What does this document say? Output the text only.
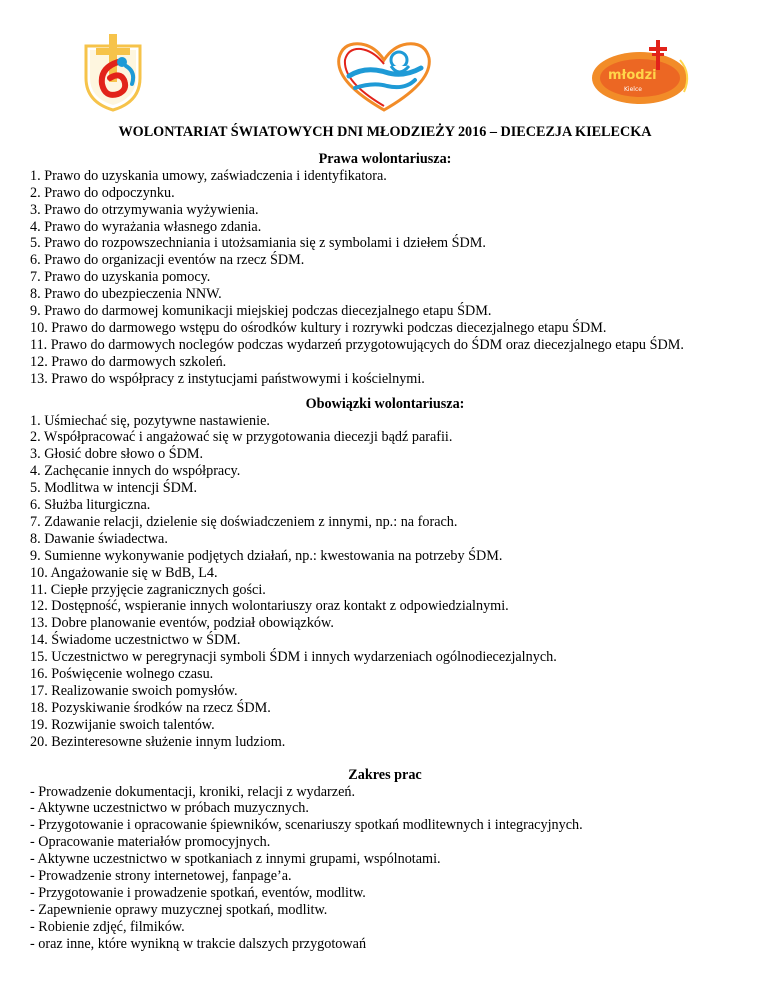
młodzi
Kielce
WOLONTARIAT ŚWIATOWYCH DNI MŁODZIEŻY 2016 – DIECEZJA KIELECKA
Prawa wolontariusza:
1. Prawo do uzyskania umowy, zaświadczenia i identyfikatora.
2. Prawo do odpoczynku.
3. Prawo do otrzymywania wyżywienia.
4. Prawo do wyrażania własnego zdania.
5. Prawo do rozpowszechniania i utożsamiania się z symbolami i dziełem ŚDM.
6. Prawo do organizacji eventów na rzecz ŚDM.
7. Prawo do uzyskania pomocy.
8. Prawo do ubezpieczenia NNW.
9. Prawo do darmowej komunikacji miejskiej podczas diecezjalnego etapu ŚDM.
10. Prawo do darmowego wstępu do ośrodków kultury i rozrywki podczas diecezjalnego etapu ŚDM.
11. Prawo do darmowych noclegów podczas wydarzeń przygotowujących do ŚDM oraz diecezjalnego etapu ŚDM.
12. Prawo do darmowych szkoleń.
13. Prawo do współpracy z instytucjami państwowymi i kościelnymi.
Obowiązki wolontariusza:
1. Uśmiechać się, pozytywne nastawienie.
2. Współpracować i angażować się w przygotowania diecezji bądź parafii.
3. Głosić dobre słowo o ŚDM.
4. Zachęcanie innych do współpracy.
5. Modlitwa w intencji ŚDM.
6. Służba liturgiczna.
7. Zdawanie relacji, dzielenie się doświadczeniem z innymi, np.: na forach.
8. Dawanie świadectwa.
9. Sumienne wykonywanie podjętych działań, np.: kwestowania na potrzeby ŚDM.
10. Angażowanie się w BdB, L4.
11. Ciepłe przyjęcie zagranicznych gości.
12. Dostępność, wspieranie innych wolontariuszy oraz kontakt z odpowiedzialnymi.
13. Dobre planowanie eventów, podział obowiązków.
14. Świadome uczestnictwo w ŚDM.
15. Uczestnictwo w peregrynacji symboli ŚDM i innych wydarzeniach ogólnodiecezjalnych.
16. Poświęcenie wolnego czasu.
17. Realizowanie swoich pomysłów.
18. Pozyskiwanie środków na rzecz ŚDM.
19. Rozwijanie swoich talentów.
20. Bezinteresowne służenie innym ludziom.
Zakres prac
- Prowadzenie dokumentacji, kroniki, relacji z wydarzeń.
- Aktywne uczestnictwo w próbach muzycznych.
- Przygotowanie i opracowanie śpiewników, scenariuszy spotkań modlitewnych i integracyjnych.
- Opracowanie materiałów promocyjnych.
- Aktywne uczestnictwo w spotkaniach z innymi grupami, wspólnotami.
- Prowadzenie strony internetowej, fanpage’a.
- Przygotowanie i prowadzenie spotkań, eventów, modlitw.
- Zapewnienie oprawy muzycznej spotkań, modlitw.
- Robienie zdjęć, filmików.
- oraz inne, które wynikną w trakcie dalszych przygotowań
